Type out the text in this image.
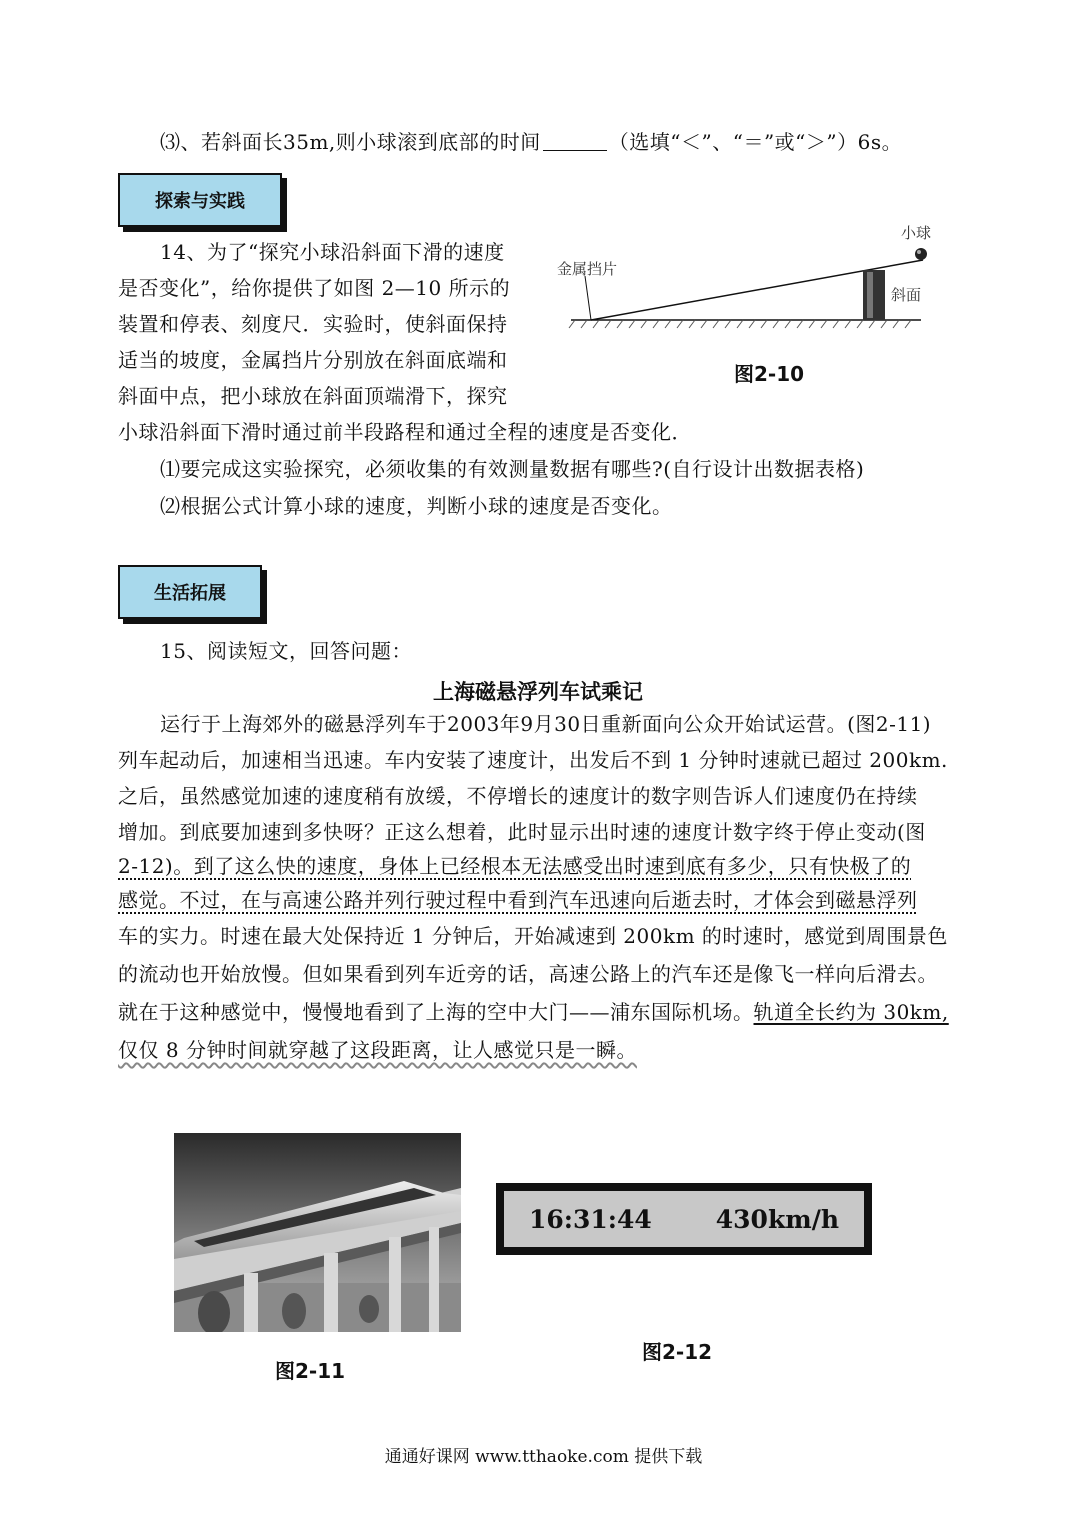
⑶、若斜面长35m,则小球滚到底部的时间	（选填“＜”、“＝”或“＞”）6s。
探索与实践
14、为了“探究小球沿斜面下滑的速度
是否变化”，给你提供了如图 2—10 所示的
装置和停表、刻度尺．实验时，使斜面保持
适当的坡度，金属挡片分别放在斜面底端和
斜面中点，把小球放在斜面顶端滑下，探究
小球沿斜面下滑时通过前半段路程和通过全程的速度是否变化．
⑴要完成这实验探究，必须收集的有效测量数据有哪些?(自行设计出数据表格)
⑵根据公式计算小球的速度，判断小球的速度是否变化。
金属挡片
小球
斜面
图2-10
生活拓展
15、阅读短文，回答问题：
上海磁悬浮列车试乘记
运行于上海郊外的磁悬浮列车于2003年9月30日重新面向公众开始试运营。(图2-11)
列车起动后，加速相当迅速。车内安装了速度计，出发后不到 1 分钟时速就已超过 200km.
之后，虽然感觉加速的速度稍有放缓，不停增长的速度计的数字则告诉人们速度仍在持续
增加。到底要加速到多快呀？正这么想着，此时显示出时速的速度计数字终于停止变动(图
2-12)。到了这么快的速度，身体上已经根本无法感受出时速到底有多少，只有快极了的
感觉。不过，在与高速公路并列行驶过程中看到汽车迅速向后逝去时，才体会到磁悬浮列
车的实力。时速在最大处保持近 1 分钟后，开始减速到 200km 的时速时，感觉到周围景色
的流动也开始放慢。但如果看到列车近旁的话，高速公路上的汽车还是像飞一样向后滑去。
就在于这种感觉中，慢慢地看到了上海的空中大门——浦东国际机场。轨道全长约为 30km,
仅仅 8 分钟时间就穿越了这段距离，让人感觉只是一瞬。
图2-11
16:31:44	430km/h
图2-12
通通好课网 www.tthaoke.com 提供下载
